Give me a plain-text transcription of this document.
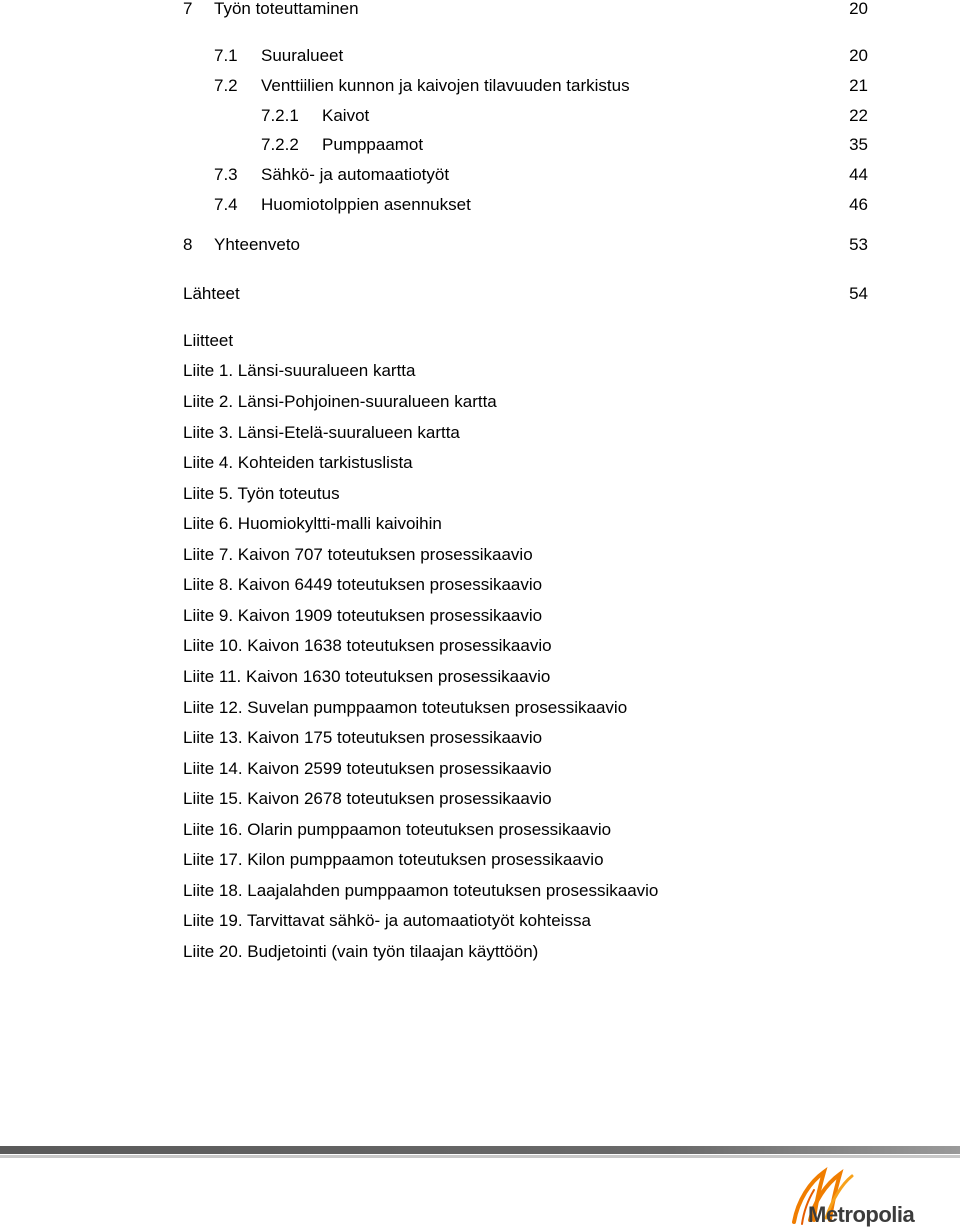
7 Työn toteuttaminen	20
7.1 Suuralueet	20
7.2 Venttiilien kunnon ja kaivojen tilavuuden tarkistus	21
7.2.1 Kaivot	22
7.2.2 Pumppaamot	35
7.3 Sähkö- ja automaatiotyöt	44
7.4 Huomiotolppien asennukset	46
8 Yhteenveto	53
Lähteet	54
Liitteet
Liite 1. Länsi-suuralueen kartta
Liite 2. Länsi-Pohjoinen-suuralueen kartta
Liite 3. Länsi-Etelä-suuralueen kartta
Liite 4. Kohteiden tarkistuslista
Liite 5. Työn toteutus
Liite 6. Huomiokyltti-malli kaivoihin
Liite 7. Kaivon 707 toteutuksen prosessikaavio
Liite 8. Kaivon 6449 toteutuksen prosessikaavio
Liite 9. Kaivon 1909 toteutuksen prosessikaavio
Liite 10. Kaivon 1638 toteutuksen prosessikaavio
Liite 11. Kaivon 1630 toteutuksen prosessikaavio
Liite 12. Suvelan pumppaamon toteutuksen prosessikaavio
Liite 13. Kaivon 175 toteutuksen prosessikaavio
Liite 14. Kaivon 2599 toteutuksen prosessikaavio
Liite 15. Kaivon 2678 toteutuksen prosessikaavio
Liite 16. Olarin pumppaamon toteutuksen prosessikaavio
Liite 17. Kilon pumppaamon toteutuksen prosessikaavio
Liite 18. Laajalahden pumppaamon toteutuksen prosessikaavio
Liite 19. Tarvittavat sähkö- ja automaatiotyöt kohteissa
Liite 20. Budjetointi (vain työn tilaajan käyttöön)
Metropolia
